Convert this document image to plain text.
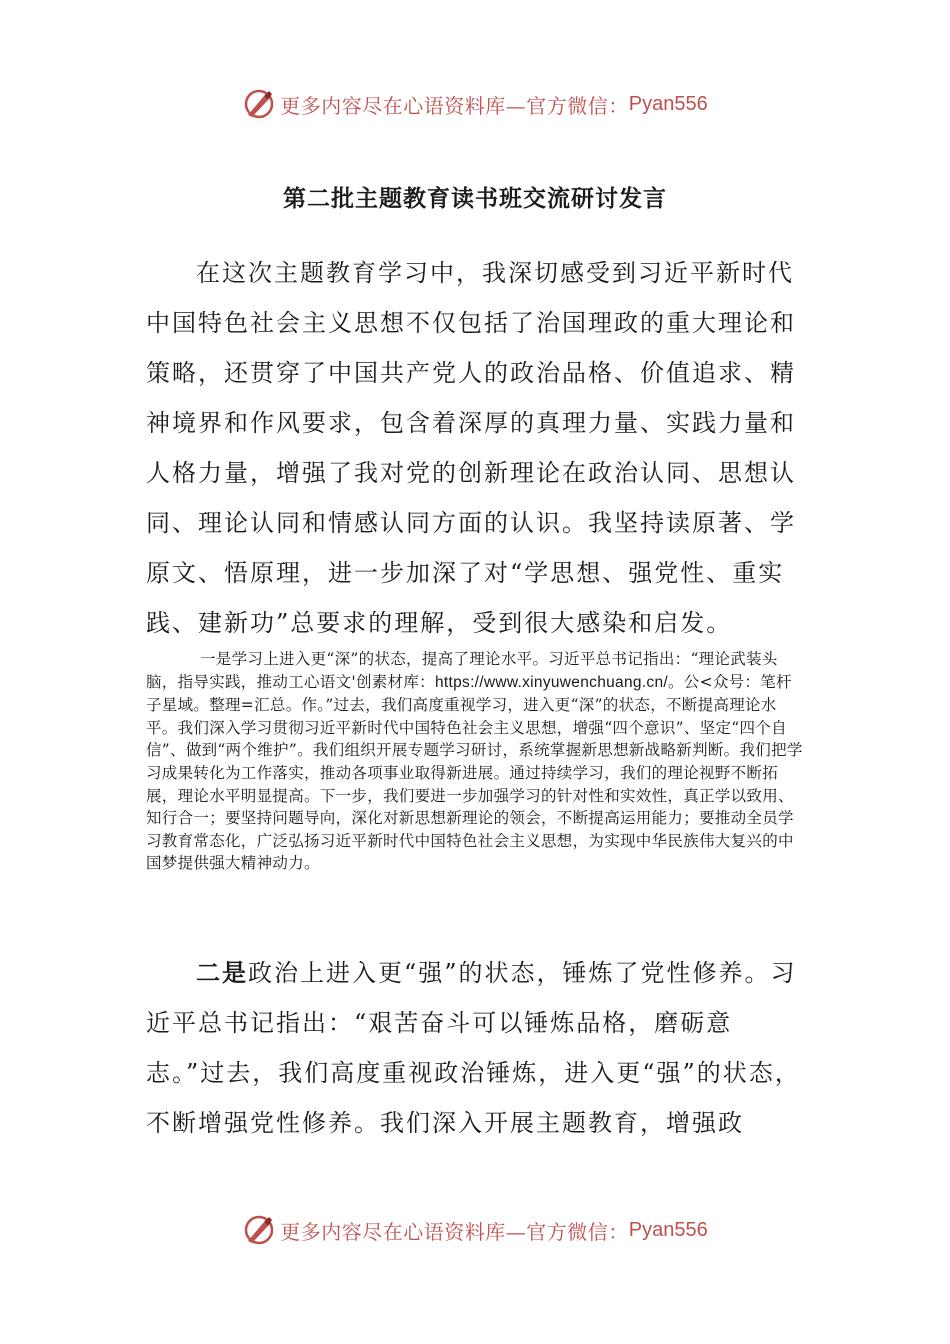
更多内容尽在心语资料库—官方微信： Pyan556
第二批主题教育读书班交流研讨发言

在这次主题教育学习中，我深切感受到习近平新时代中国特色社会主义思想不仅包括了治国理政的重大理论和策略，还贯穿了中国共产党人的政治品格、价值追求、精神境界和作风要求，包含着深厚的真理力量、实践力量和人格力量，增强了我对党的创新理论在政治认同、思想认同、理论认同和情感认同方面的认识。我坚持读原著、学原文、悟原理，进一步加深了对“学思想、强党性、重实践、建新功”总要求的理解，受到很大感染和启发。

一是学习上进入更“深”的状态，提高了理论水平。习近平总书记指出：“理论武装头脑，指导实践，推动工心语文'创素材库：https://www.xinyuwenchuang.cn/。公<众号：笔杆子星域。整理=汇总。作。”过去，我们高度重视学习，进入更“深”的状态，不断提高理论水平。我们深入学习贯彻习近平新时代中国特色社会主义思想，增强“四个意识”、坚定“四个自信”、做到“两个维护”。我们组织开展专题学习研讨，系统掌握新思想新战略新判断。我们把学习成果转化为工作落实，推动各项事业取得新进展。通过持续学习，我们的理论视野不断拓展，理论水平明显提高。下一步，我们要进一步加强学习的针对性和实效性，真正学以致用、知行合一；要坚持问题导向，深化对新思想新理论的领会，不断提高运用能力；要推动全员学习教育常态化，广泛弘扬习近平新时代中国特色社会主义思想，为实现中华民族伟大复兴的中国梦提供强大精神动力。

二是政治上进入更“强”的状态，锤炼了党性修养。习近平总书记指出：“艰苦奋斗可以锤炼品格，磨砺意志。”过去，我们高度重视政治锤炼，进入更“强”的状态，不断增强党性修养。我们深入开展主题教育，增强政

更多内容尽在心语资料库—官方微信： Pyan556
